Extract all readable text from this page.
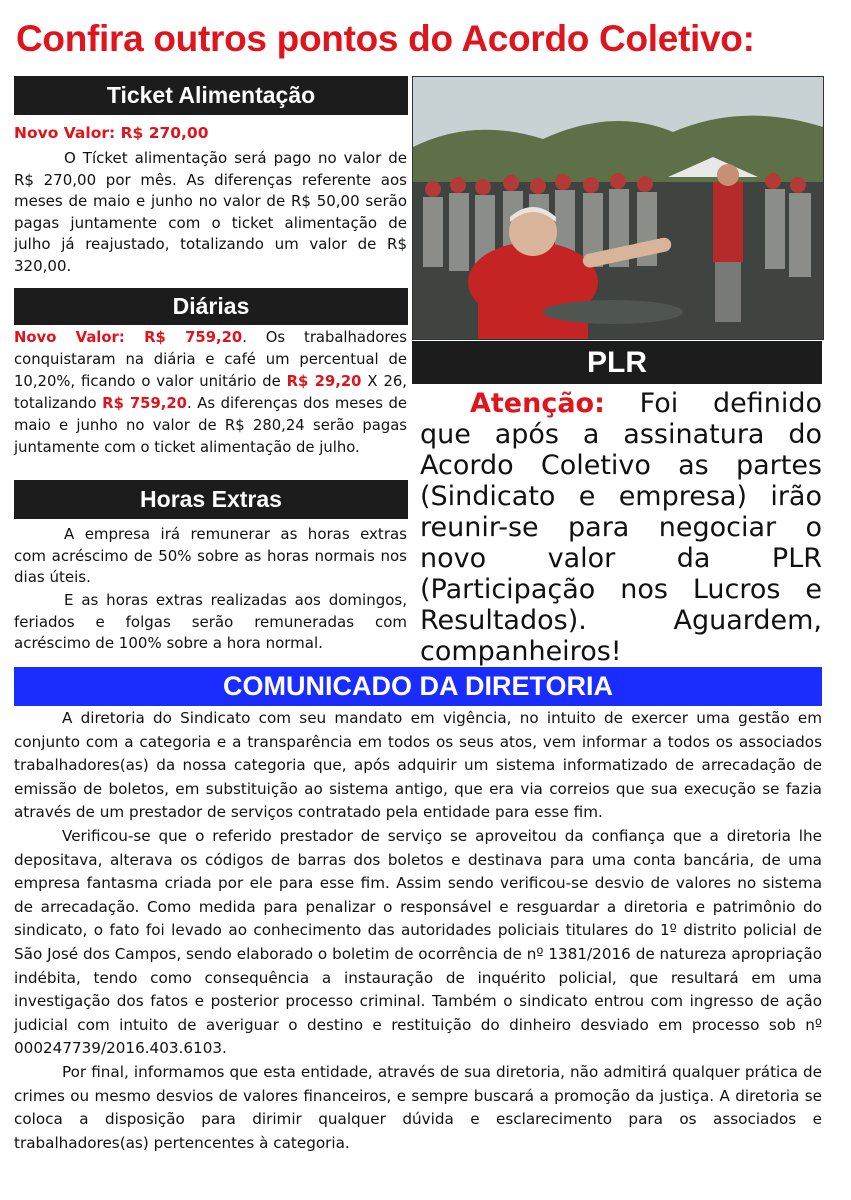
Confira outros pontos do Acordo Coletivo:
Ticket Alimentação
Novo Valor: R$ 270,00
O Tícket alimentação será pago no valor de R$ 270,00 por mês. As diferenças referente aos meses de maio e junho no valor de R$ 50,00 serão pagas juntamente com o ticket alimentação de julho já reajustado, totalizando um valor de R$ 320,00.
Diárias
Novo Valor: R$ 759,20. Os trabalhadores conquistaram na diária e café um percentual de 10,20%, ficando o valor unitário de R$ 29,20 X 26, totalizando R$ 759,20. As diferenças dos meses de maio e junho no valor de R$ 280,24 serão pagas juntamente com o ticket alimentação de julho.
Horas Extras
A empresa irá remunerar as horas extras com acréscimo de 50% sobre as horas normais nos dias úteis.
E as horas extras realizadas aos domingos, feriados e folgas serão remuneradas com acréscimo de 100% sobre a hora normal.
PLR
Atenção: Foi definido que após a assinatura do Acordo Coletivo as partes (Sindicato e empresa) irão reunir-se para negociar o novo valor da PLR (Participação nos Lucros e Resultados). Aguardem, companheiros!
COMUNICADO DA DIRETORIA

A diretoria do Sindicato com seu mandato em vigência, no intuito de exercer uma gestão em conjunto com a categoria e a transparência em todos os seus atos, vem informar a todos os associados trabalhadores(as) da nossa categoria que, após adquirir um sistema informatizado de arrecadação de emissão de boletos, em substituição ao sistema antigo, que era via correios que sua execução se fazia através de um prestador de serviços contratado pela entidade para esse fim.

Verificou-se que o referido prestador de serviço se aproveitou da confiança que a diretoria lhe depositava, alterava os códigos de barras dos boletos e destinava para uma conta bancária, de uma empresa fantasma criada por ele para esse fim. Assim sendo verificou-se desvio de valores no sistema de arrecadação. Como medida para penalizar o responsável e resguardar a diretoria e patrimônio do sindicato, o fato foi levado ao conhecimento das autoridades policiais titulares do 1º distrito policial de São José dos Campos, sendo elaborado o boletim de ocorrência de nº 1381/2016 de natureza apropriação indébita, tendo como consequência a instauração de inquérito policial, que resultará em uma investigação dos fatos e posterior processo criminal. Também o sindicato entrou com ingresso de ação judicial com intuito de averiguar o destino e restituição do dinheiro desviado em processo sob nº 000247739/2016.403.6103.

Por final, informamos que esta entidade, através de sua diretoria, não admitirá qualquer prática de crimes ou mesmo desvios de valores financeiros, e sempre buscará a promoção da justiça. A diretoria se coloca a disposição para dirimir qualquer dúvida e esclarecimento para os associados e trabalhadores(as) pertencentes à categoria.
